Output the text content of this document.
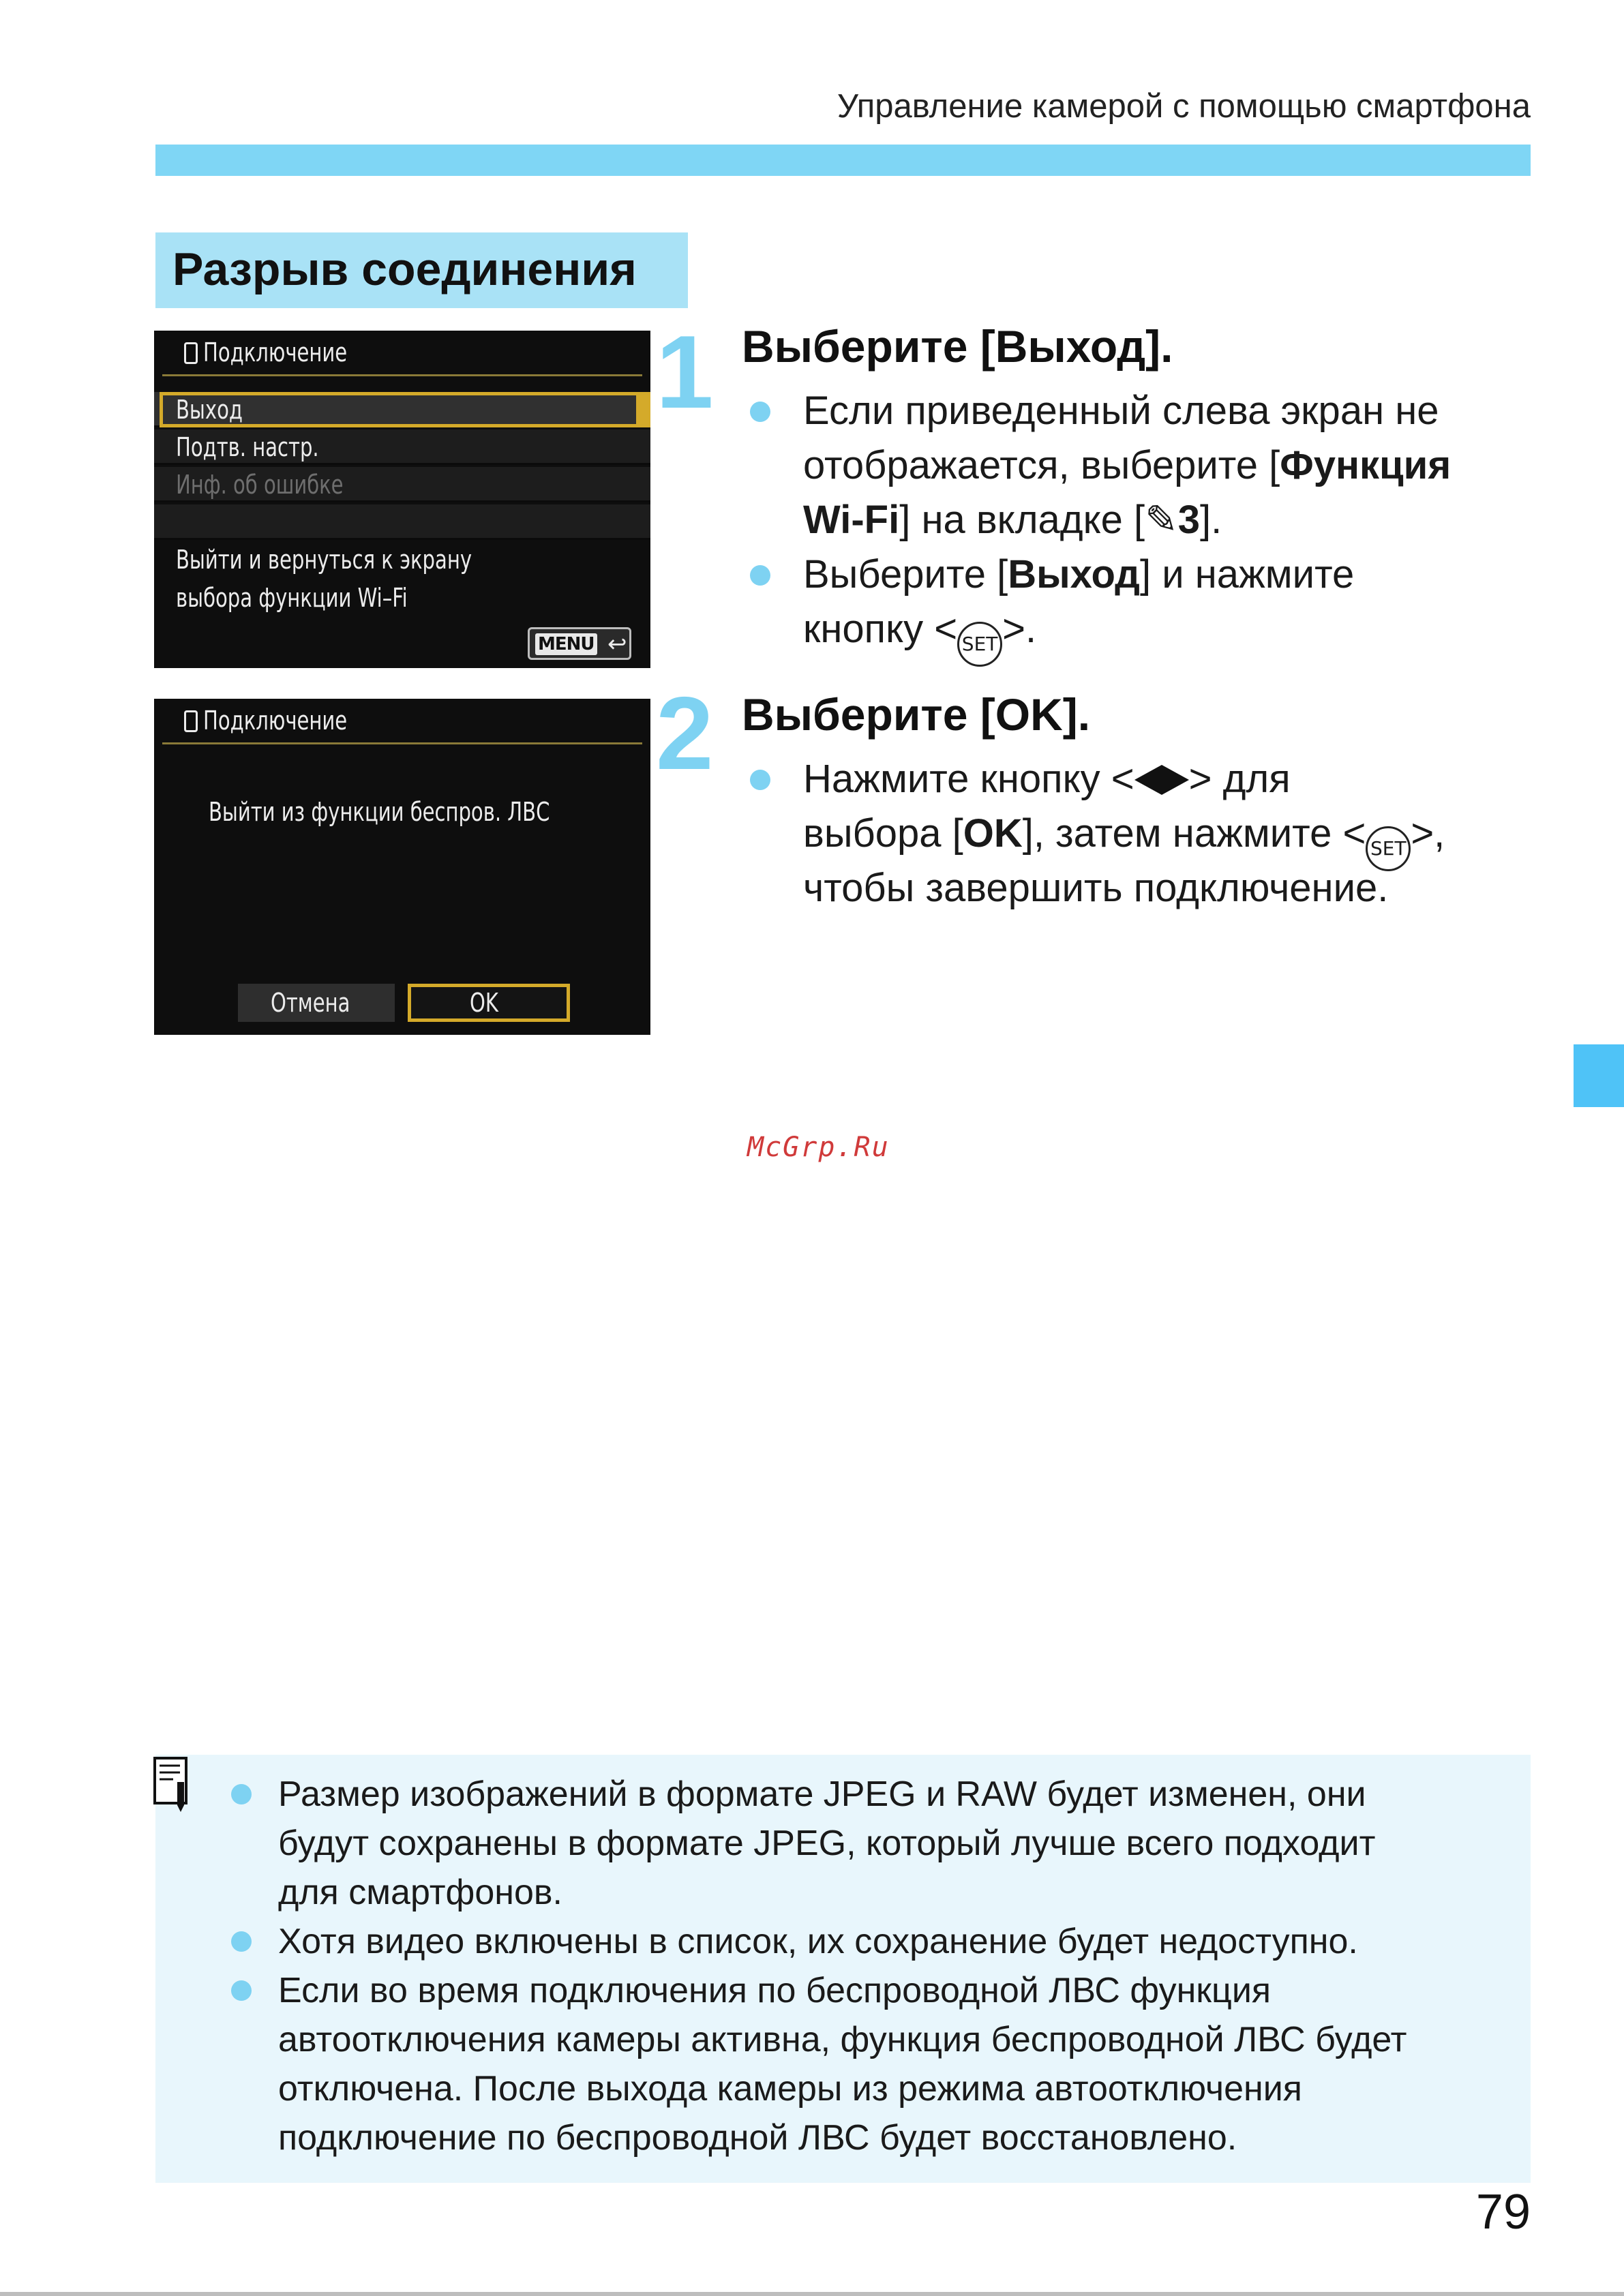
Управление камерой с помощью смартфона
Разрыв соединения
Подключение
Выход
Подтв. настр.
Инф. об ошибке
Выйти и вернуться к экрану
выбора функции Wi–Fi
MENU ↩
Подключение
Выйти из функции беспров. ЛВС
Отмена	OK
1 Выберите [Выход].
Если приведенный слева экран не
отображается, выберите [Функция
Wi-Fi] на вкладке [✎3].
Выберите [Выход] и нажмите
кнопку < SET >.
2 Выберите [OK].
Нажмите кнопку < > для
выбора [OK], затем нажмите < SET >,
чтобы завершить подключение.
McGrp.Ru
Размер изображений в формате JPEG и RAW будет изменен, они
будут сохранены в формате JPEG, который лучше всего подходит
для смартфонов.
Хотя видео включены в список, их сохранение будет недоступно.
Если во время подключения по беспроводной ЛВС функция
автоотключения камеры активна, функция беспроводной ЛВС будет
отключена. После выхода камеры из режима автоотключения
подключение по беспроводной ЛВС будет восстановлено.
79
